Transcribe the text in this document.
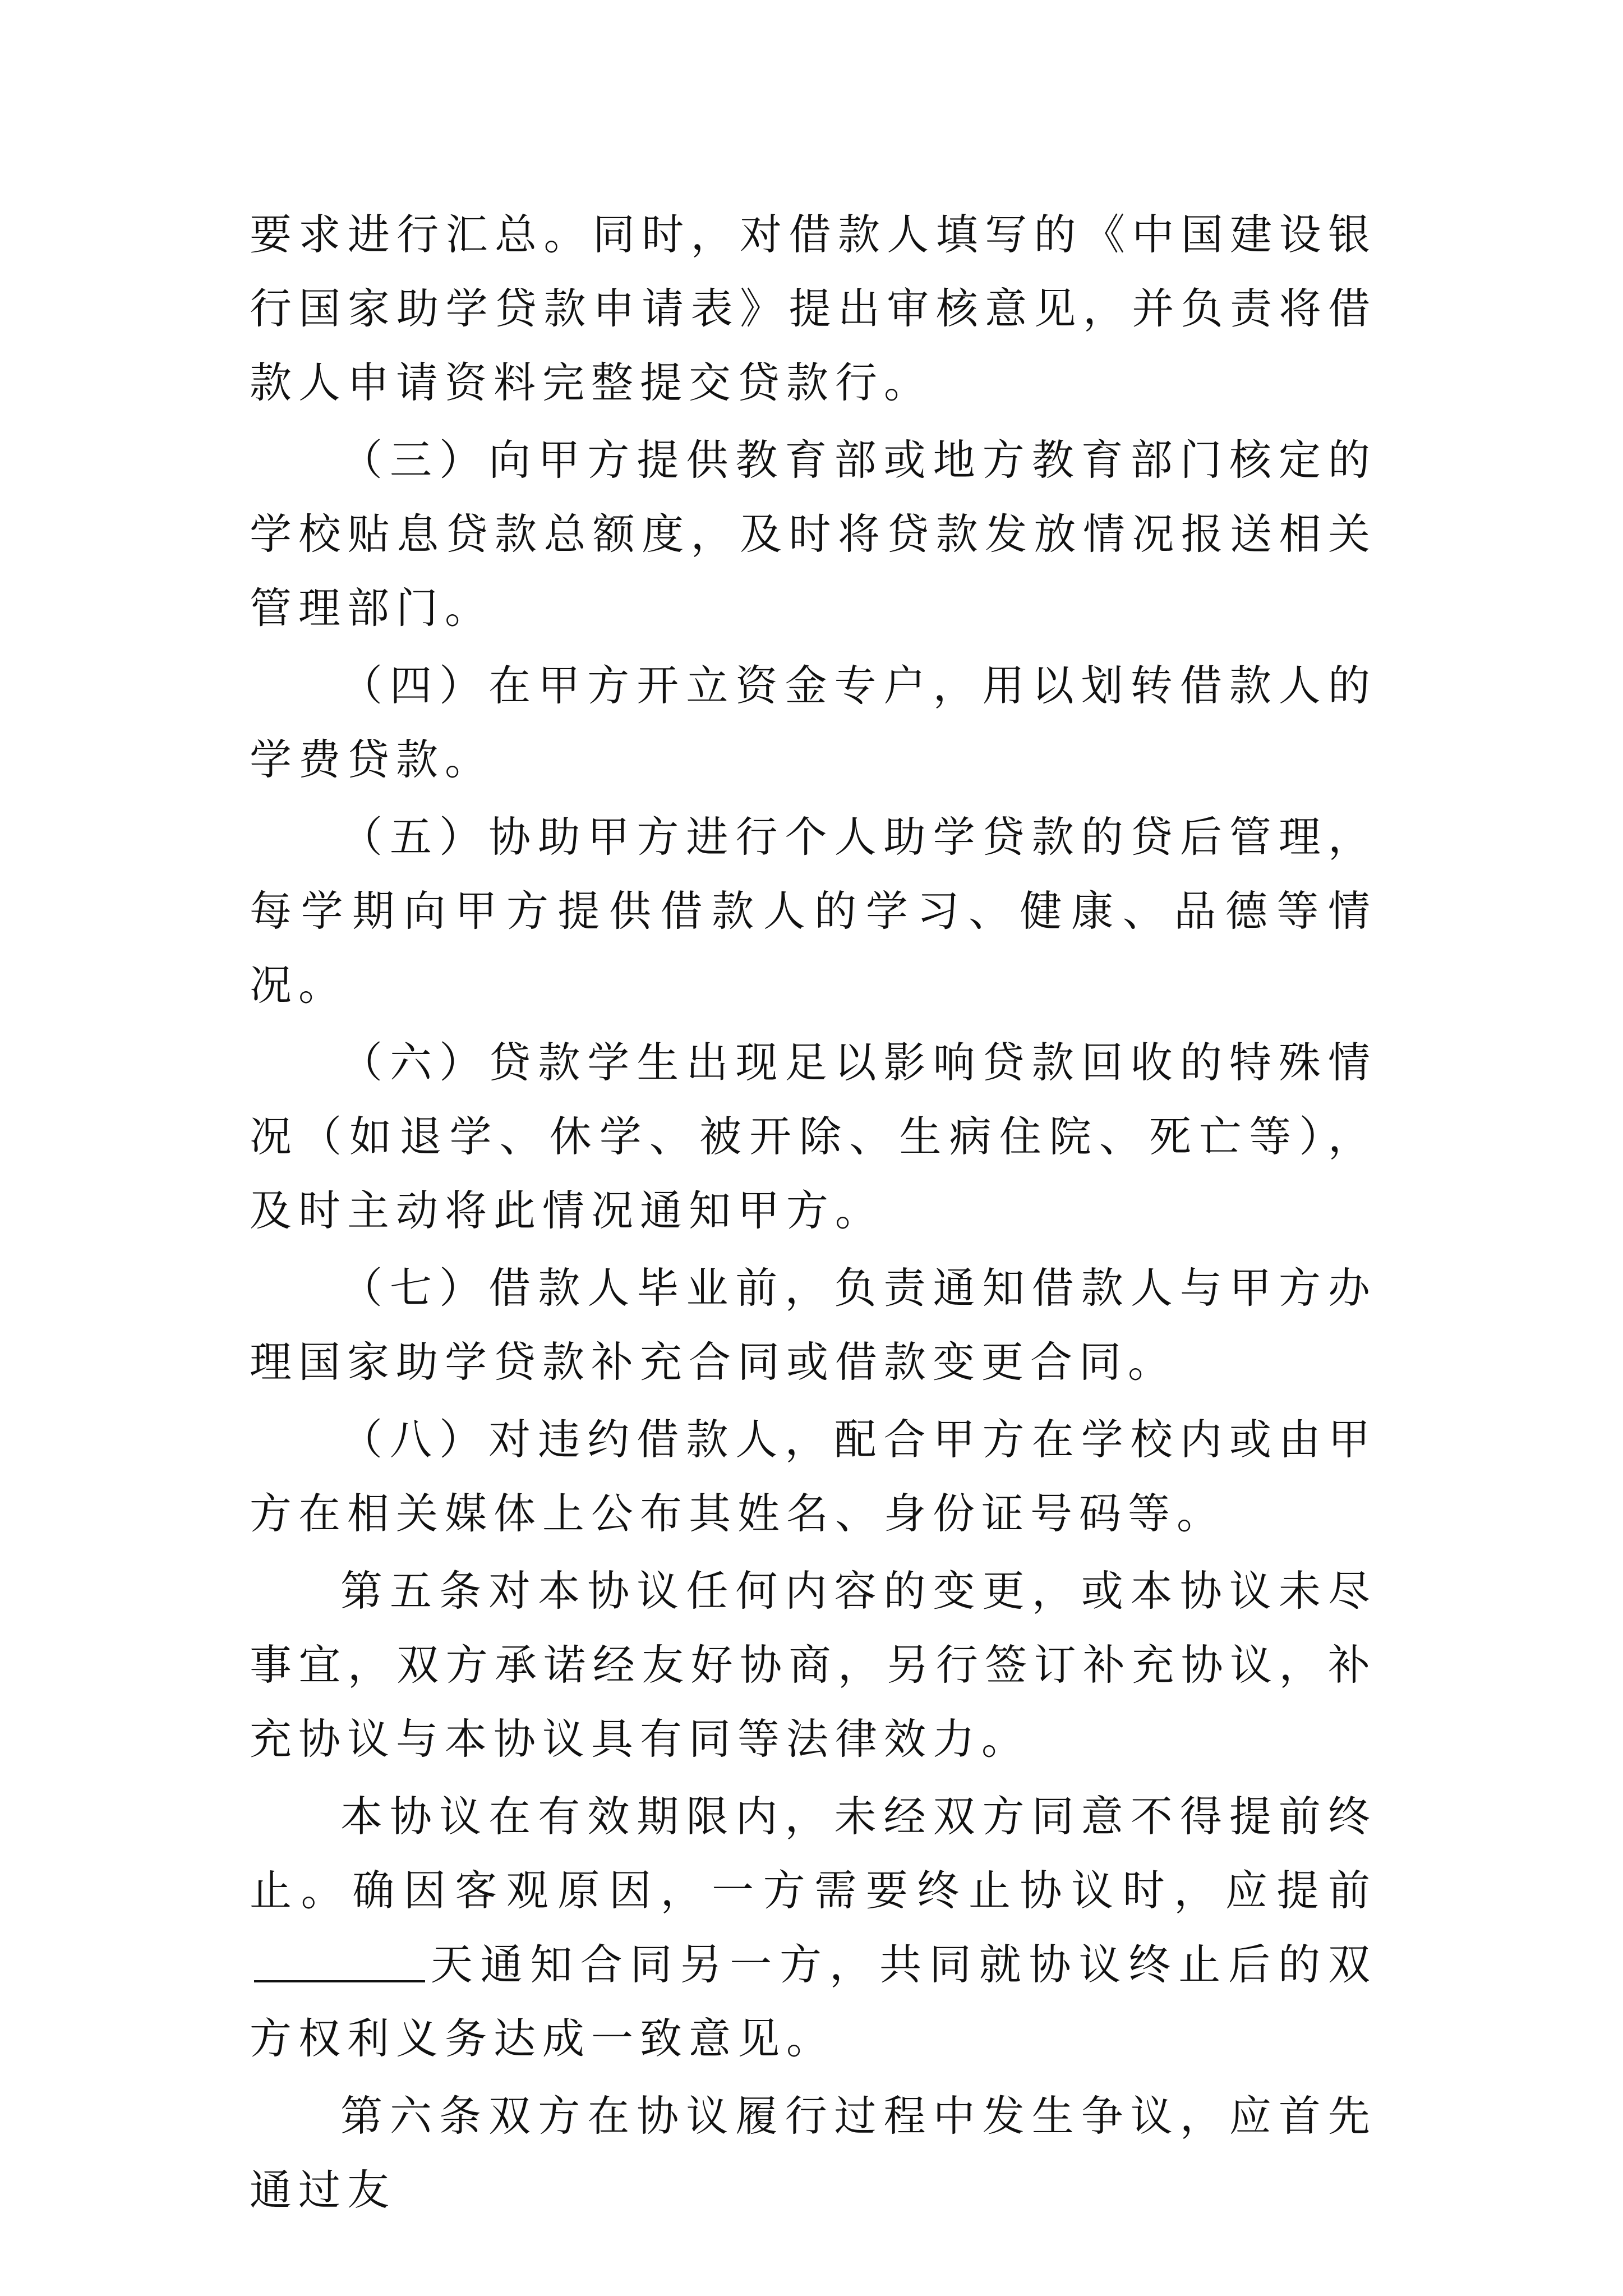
要求进行汇总。同时，对借款人填写的《中国建设银行国家助学贷款申请表》提出审核意见，并负责将借款人申请资料完整提交贷款行。

（三）向甲方提供教育部或地方教育部门核定的学校贴息贷款总额度，及时将贷款发放情况报送相关管理部门。

（四）在甲方开立资金专户，用以划转借款人的学费贷款。

（五）协助甲方进行个人助学贷款的贷后管理，每学期向甲方提供借款人的学习、健康、品德等情况。

（六）贷款学生出现足以影响贷款回收的特殊情况（如退学、休学、被开除、生病住院、死亡等），及时主动将此情况通知甲方。

（七）借款人毕业前，负责通知借款人与甲方办理国家助学贷款补充合同或借款变更合同。

（八）对违约借款人，配合甲方在学校内或由甲方在相关媒体上公布其姓名、身份证号码等。

第五条对本协议任何内容的变更，或本协议未尽事宜，双方承诺经友好协商，另行签订补充协议，补充协议与本协议具有同等法律效力。

本协议在有效期限内，未经双方同意不得提前终止。确因客观原因，一方需要终止协议时，应提前天通知合同另一方，共同就协议终止后的双方权利义务达成一致意见。

第六条双方在协议履行过程中发生争议，应首先通过友
